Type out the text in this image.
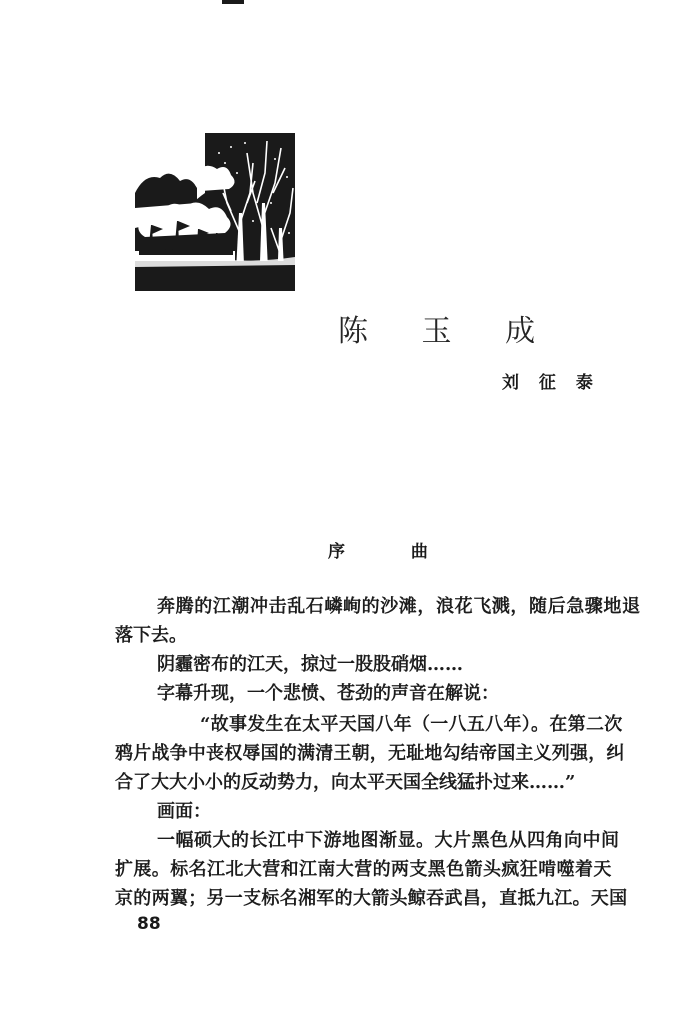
陈 玉 成
刘 征 泰
序 曲
奔腾的江潮冲击乱石嶙峋的沙滩，浪花飞溅，随后急骤地退
落下去。
阴霾密布的江天，掠过一股股硝烟……
字幕升现，一个悲愤、苍劲的声音在解说：
“故事发生在太平天国八年（一八五八年）。在第二次
鸦片战争中丧权辱国的满清王朝，无耻地勾结帝国主义列强，纠
合了大大小小的反动势力，向太平天国全线猛扑过来……”
画面：
一幅硕大的长江中下游地图渐显。大片黑色从四角向中间
扩展。标名江北大营和江南大营的两支黑色箭头疯狂啃噬着天
京的两翼；另一支标名湘军的大箭头鲸吞武昌，直抵九江。天国
88
